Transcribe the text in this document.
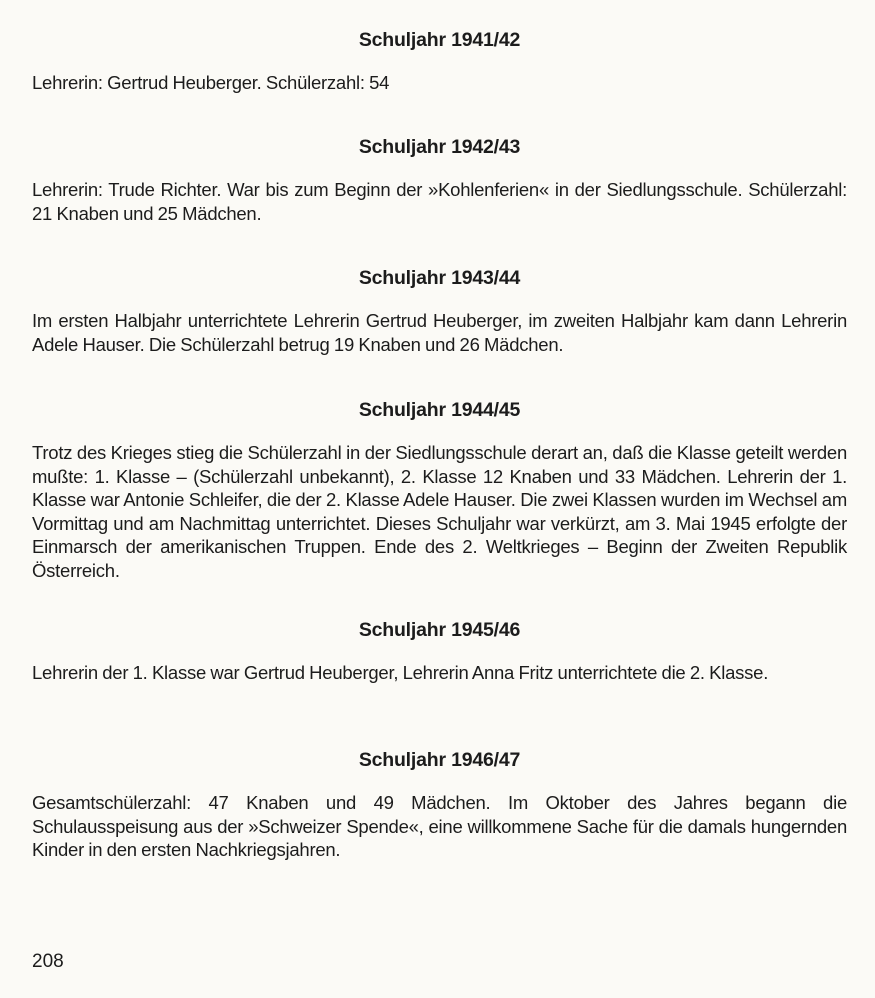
Schuljahr 1941/42

Lehrerin: Gertrud Heuberger. Schülerzahl: 54

Schuljahr 1942/43

Lehrerin: Trude Richter. War bis zum Beginn der »Kohlenferien« in der Siedlungsschule. Schülerzahl: 21 Knaben und 25 Mädchen.

Schuljahr 1943/44

Im ersten Halbjahr unterrichtete Lehrerin Gertrud Heuberger, im zweiten Halbjahr kam dann Lehrerin Adele Hauser. Die Schülerzahl betrug 19 Knaben und 26 Mädchen.

Schuljahr 1944/45

Trotz des Krieges stieg die Schülerzahl in der Siedlungsschule derart an, daß die Klasse geteilt werden mußte: 1. Klasse – (Schülerzahl unbekannt), 2. Klasse 12 Knaben und 33 Mädchen. Lehrerin der 1. Klasse war Antonie Schleifer, die der 2. Klasse Adele Hauser. Die zwei Klassen wurden im Wechsel am Vormittag und am Nachmittag unterrichtet. Dieses Schuljahr war verkürzt, am 3. Mai 1945 erfolgte der Einmarsch der amerikanischen Truppen. Ende des 2. Weltkrieges – Beginn der Zweiten Republik Österreich.

Schuljahr 1945/46

Lehrerin der 1. Klasse war Gertrud Heuberger, Lehrerin Anna Fritz unterrichtete die 2. Klasse.

Schuljahr 1946/47

Gesamtschülerzahl: 47 Knaben und 49 Mädchen. Im Oktober des Jahres begann die Schulausspeisung aus der »Schweizer Spende«, eine willkommene Sache für die damals hungernden Kinder in den ersten Nachkriegsjahren.

208
